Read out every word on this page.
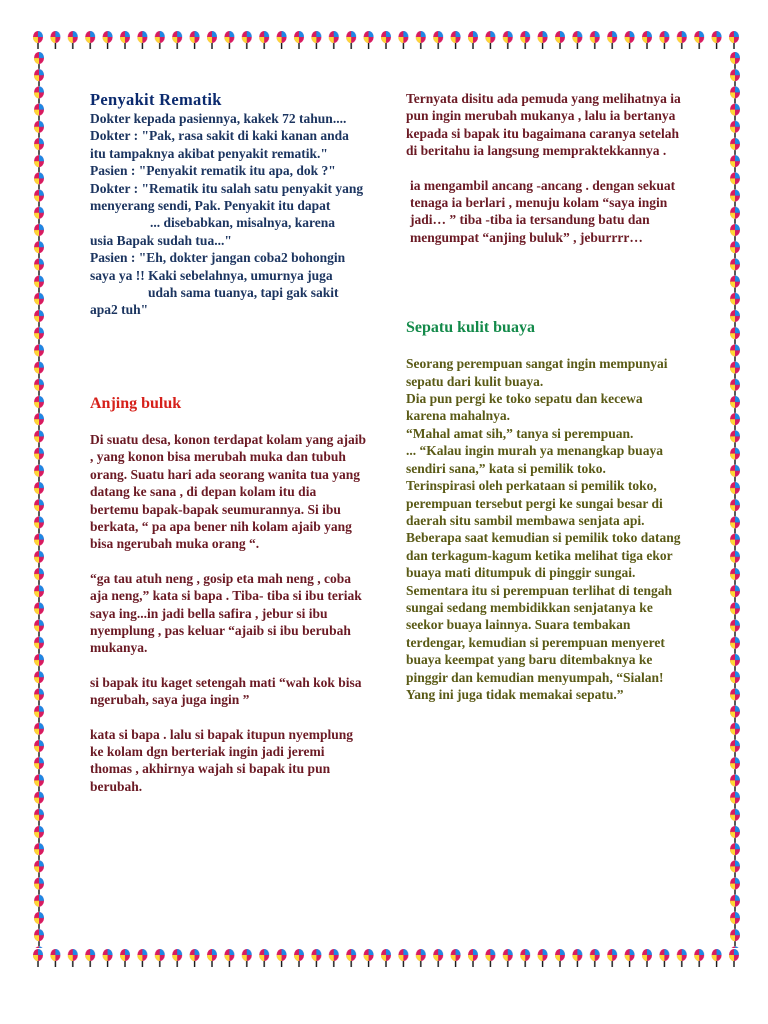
Penyakit Rematik

Dokter kepada pasiennya, kakek 72 tahun....

Dokter : "Pak, rasa sakit di kaki kanan anda itu tampaknya akibat penyakit rematik."

Pasien : "Penyakit rematik itu apa, dok ?"

Dokter : "Rematik itu salah satu penyakit yang menyerang sendi, Pak. Penyakit itu dapat

... disebabkan, misalnya, karena

usia Bapak sudah tua..."

Pasien : "Eh, dokter jangan coba2 bohongin saya ya !! Kaki sebelahnya, umurnya juga

udah sama tuanya, tapi gak sakit

apa2 tuh"

Anjing buluk

Di suatu desa, konon terdapat kolam yang ajaib , yang konon bisa merubah muka dan tubuh orang. Suatu hari ada seorang wanita tua yang datang ke sana , di depan kolam itu dia bertemu bapak-bapak seumurannya. Si ibu berkata, “ pa apa bener nih kolam ajaib yang bisa ngerubah muka orang “.

“ga tau atuh neng , gosip eta mah neng , coba aja neng,” kata si bapa . Tiba- tiba si ibu teriak saya ing...in jadi bella safira , jebur si ibu nyemplung , pas keluar “ajaib si ibu berubah mukanya.

si bapak itu kaget setengah mati “wah kok bisa ngerubah, saya juga ingin ”

kata si bapa . lalu si bapak itupun nyemplung ke kolam dgn berteriak ingin jadi jeremi thomas , akhirnya wajah si bapak itu pun berubah.

Ternyata disitu ada pemuda yang melihatnya ia pun ingin merubah mukanya , lalu ia bertanya kepada si bapak itu bagaimana caranya setelah di beritahu ia langsung mempraktekkannya .

ia mengambil ancang -ancang . dengan sekuat tenaga ia berlari , menuju kolam “saya ingin jadi… ” tiba -tiba ia tersandung batu dan mengumpat “anjing buluk” , jeburrrr…

Sepatu kulit buaya

Seorang perempuan sangat ingin mempunyai sepatu dari kulit buaya.

Dia pun pergi ke toko sepatu dan kecewa karena mahalnya.

“Mahal amat sih,” tanya si perempuan.

... “Kalau ingin murah ya menangkap buaya sendiri sana,” kata si pemilik toko.

Terinspirasi oleh perkataan si pemilik toko, perempuan tersebut pergi ke sungai besar di daerah situ sambil membawa senjata api.

Beberapa saat kemudian si pemilik toko datang dan terkagum-kagum ketika melihat tiga ekor buaya mati ditumpuk di pinggir sungai. Sementara itu si perempuan terlihat di tengah sungai sedang membidikkan senjatanya ke seekor buaya lainnya. Suara tembakan terdengar, kemudian si perempuan menyeret buaya keempat yang baru ditembaknya ke pinggir dan kemudian menyumpah, “Sialan! Yang ini juga tidak memakai sepatu.”
